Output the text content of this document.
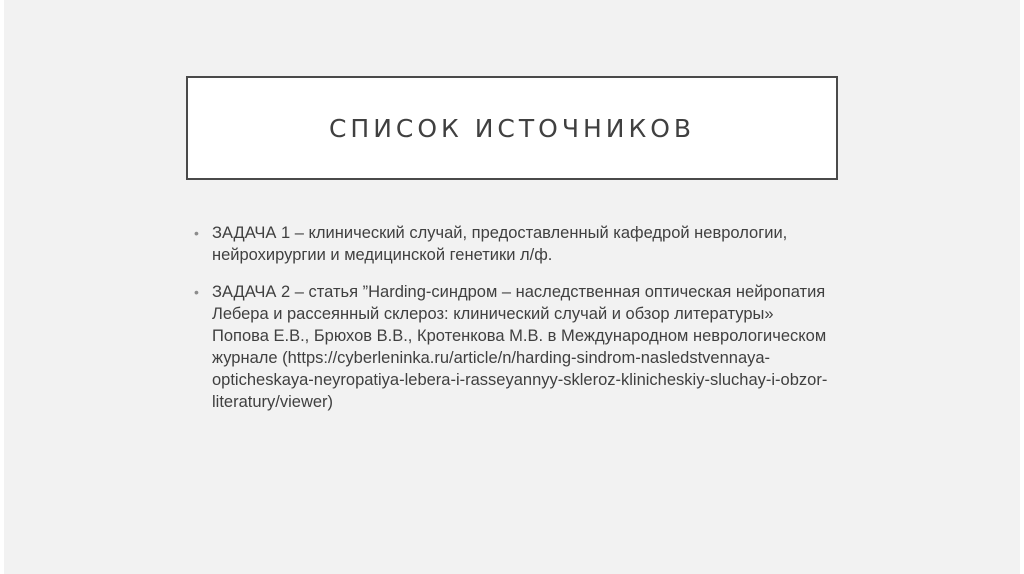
СПИСОК ИСТОЧНИКОВ
• ЗАДАЧА 1 – клинический случай, предоставленный кафедрой неврологии, нейрохирургии и медицинской генетики л/ф.
• ЗАДАЧА 2 – статья ”Harding-синдром – наследственная оптическая нейропатия Лебера и рассеянный склероз: клинический случай и обзор литературы» Попова Е.В., Брюхов В.В., Кротенкова М.В. в Международном неврологическом журнале (https://cyberleninka.ru/article/n/harding-sindrom-nasledstvennaya-opticheskaya-neyropatiya-lebera-i-rasseyannyy-skleroz-klinicheskiy-sluchay-i-obzor-literatury/viewer)
